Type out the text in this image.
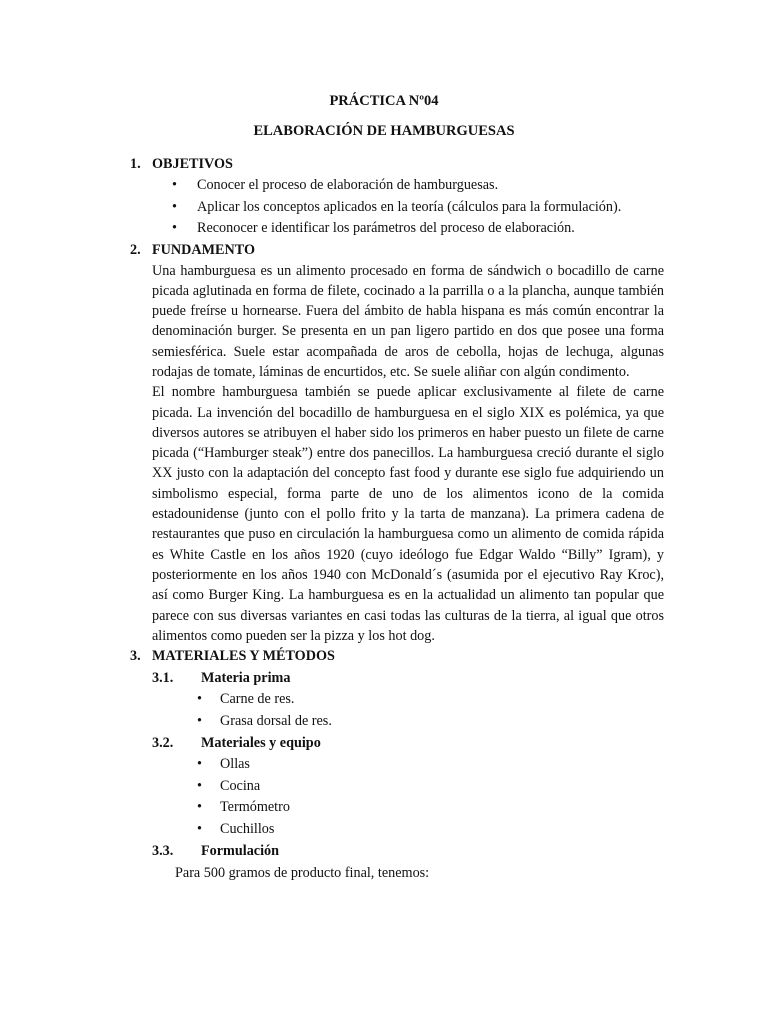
PRÁCTICA Nº04
ELABORACIÓN DE HAMBURGUESAS
1. OBJETIVOS
• Conocer el proceso de elaboración de hamburguesas.
• Aplicar los conceptos aplicados en la teoría (cálculos para la formulación).
• Reconocer e identificar los parámetros del proceso de elaboración.
2. FUNDAMENTO

Una hamburguesa es un alimento procesado en forma de sándwich o bocadillo de carne picada aglutinada en forma de filete, cocinado a la parrilla o a la plancha, aunque también puede freírse u hornearse. Fuera del ámbito de habla hispana es más común encontrar la denominación burger. Se presenta en un pan ligero partido en dos que posee una forma semiesférica. Suele estar acompañada de aros de cebolla, hojas de lechuga, algunas rodajas de tomate, láminas de encurtidos, etc. Se suele aliñar con algún condimento.

El nombre hamburguesa también se puede aplicar exclusivamente al filete de carne picada. La invención del bocadillo de hamburguesa en el siglo XIX es polémica, ya que diversos autores se atribuyen el haber sido los primeros en haber puesto un filete de carne picada (“Hamburger steak”) entre dos panecillos. La hamburguesa creció durante el siglo XX justo con la adaptación del concepto fast food y durante ese siglo fue adquiriendo un simbolismo especial, forma parte de uno de los alimentos icono de la comida estadounidense (junto con el pollo frito y la tarta de manzana). La primera cadena de restaurantes que puso en circulación la hamburguesa como un alimento de comida rápida es White Castle en los años 1920 (cuyo ideólogo fue Edgar Waldo “Billy” Igram), y posteriormente en los años 1940 con McDonald´s (asumida por el ejecutivo Ray Kroc), así como Burger King. La hamburguesa es en la actualidad un alimento tan popular que parece con sus diversas variantes en casi todas las culturas de la tierra, al igual que otros alimentos como pueden ser la pizza y los hot dog.

3. MATERIALES Y MÉTODOS
3.1. Materia prima
• Carne de res.
• Grasa dorsal de res.
3.2. Materiales y equipo
• Ollas
• Cocina
• Termómetro
• Cuchillos
3.3. Formulación
Para 500 gramos de producto final, tenemos:
